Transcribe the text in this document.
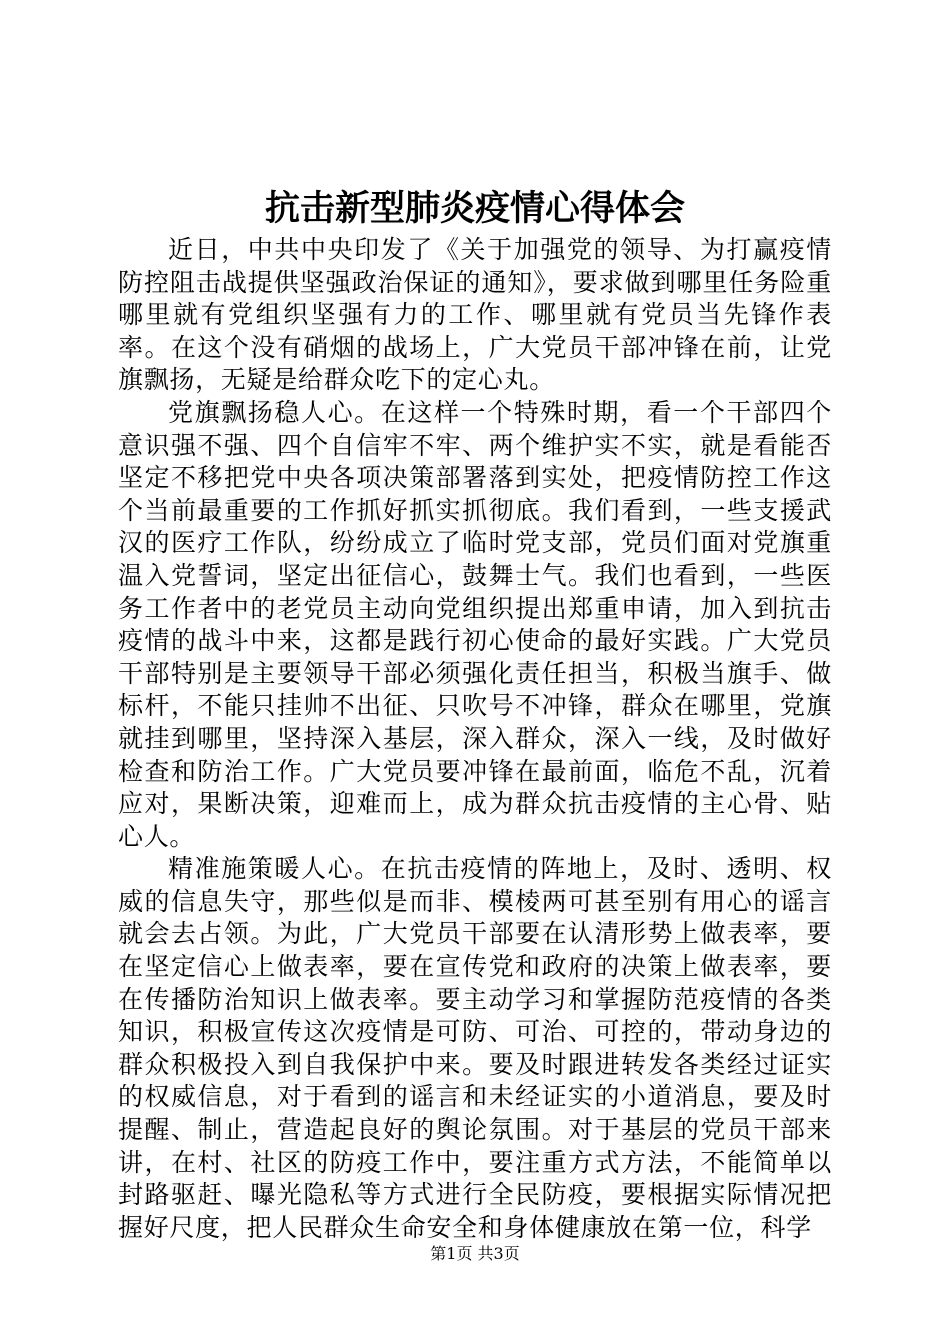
抗击新型肺炎疫情心得体会

近日，中共中央印发了《关于加强党的领导、为打赢疫情防控阻击战提供坚强政治保证的通知》，要求做到哪里任务险重哪里就有党组织坚强有力的工作、哪里就有党员当先锋作表率。在这个没有硝烟的战场上，广大党员干部冲锋在前，让党旗飘扬，无疑是给群众吃下的定心丸。

党旗飘扬稳人心。在这样一个特殊时期，看一个干部四个意识强不强、四个自信牢不牢、两个维护实不实，就是看能否坚定不移把党中央各项决策部署落到实处，把疫情防控工作这个当前最重要的工作抓好抓实抓彻底。我们看到，一些支援武汉的医疗工作队，纷纷成立了临时党支部，党员们面对党旗重温入党誓词，坚定出征信心，鼓舞士气。我们也看到，一些医务工作者中的老党员主动向党组织提出郑重申请，加入到抗击疫情的战斗中来，这都是践行初心使命的最好实践。广大党员干部特别是主要领导干部必须强化责任担当，积极当旗手、做标杆，不能只挂帅不出征、只吹号不冲锋，群众在哪里，党旗就挂到哪里，坚持深入基层，深入群众，深入一线，及时做好检查和防治工作。广大党员要冲锋在最前面，临危不乱，沉着应对，果断决策，迎难而上，成为群众抗击疫情的主心骨、贴心人。

精准施策暖人心。在抗击疫情的阵地上，及时、透明、权威的信息失守，那些似是而非、模棱两可甚至别有用心的谣言就会去占领。为此，广大党员干部要在认清形势上做表率，要在坚定信心上做表率，要在宣传党和政府的决策上做表率，要在传播防治知识上做表率。要主动学习和掌握防范疫情的各类知识，积极宣传这次疫情是可防、可治、可控的，带动身边的群众积极投入到自我保护中来。要及时跟进转发各类经过证实的权威信息，对于看到的谣言和未经证实的小道消息，要及时提醒、制止，营造起良好的舆论氛围。对于基层的党员干部来讲，在村、社区的防疫工作中，要注重方式方法，不能简单以封路驱赶、曝光隐私等方式进行全民防疫，要根据实际情况把握好尺度，把人民群众生命安全和身体健康放在第一位，科学

第1页 共3页
